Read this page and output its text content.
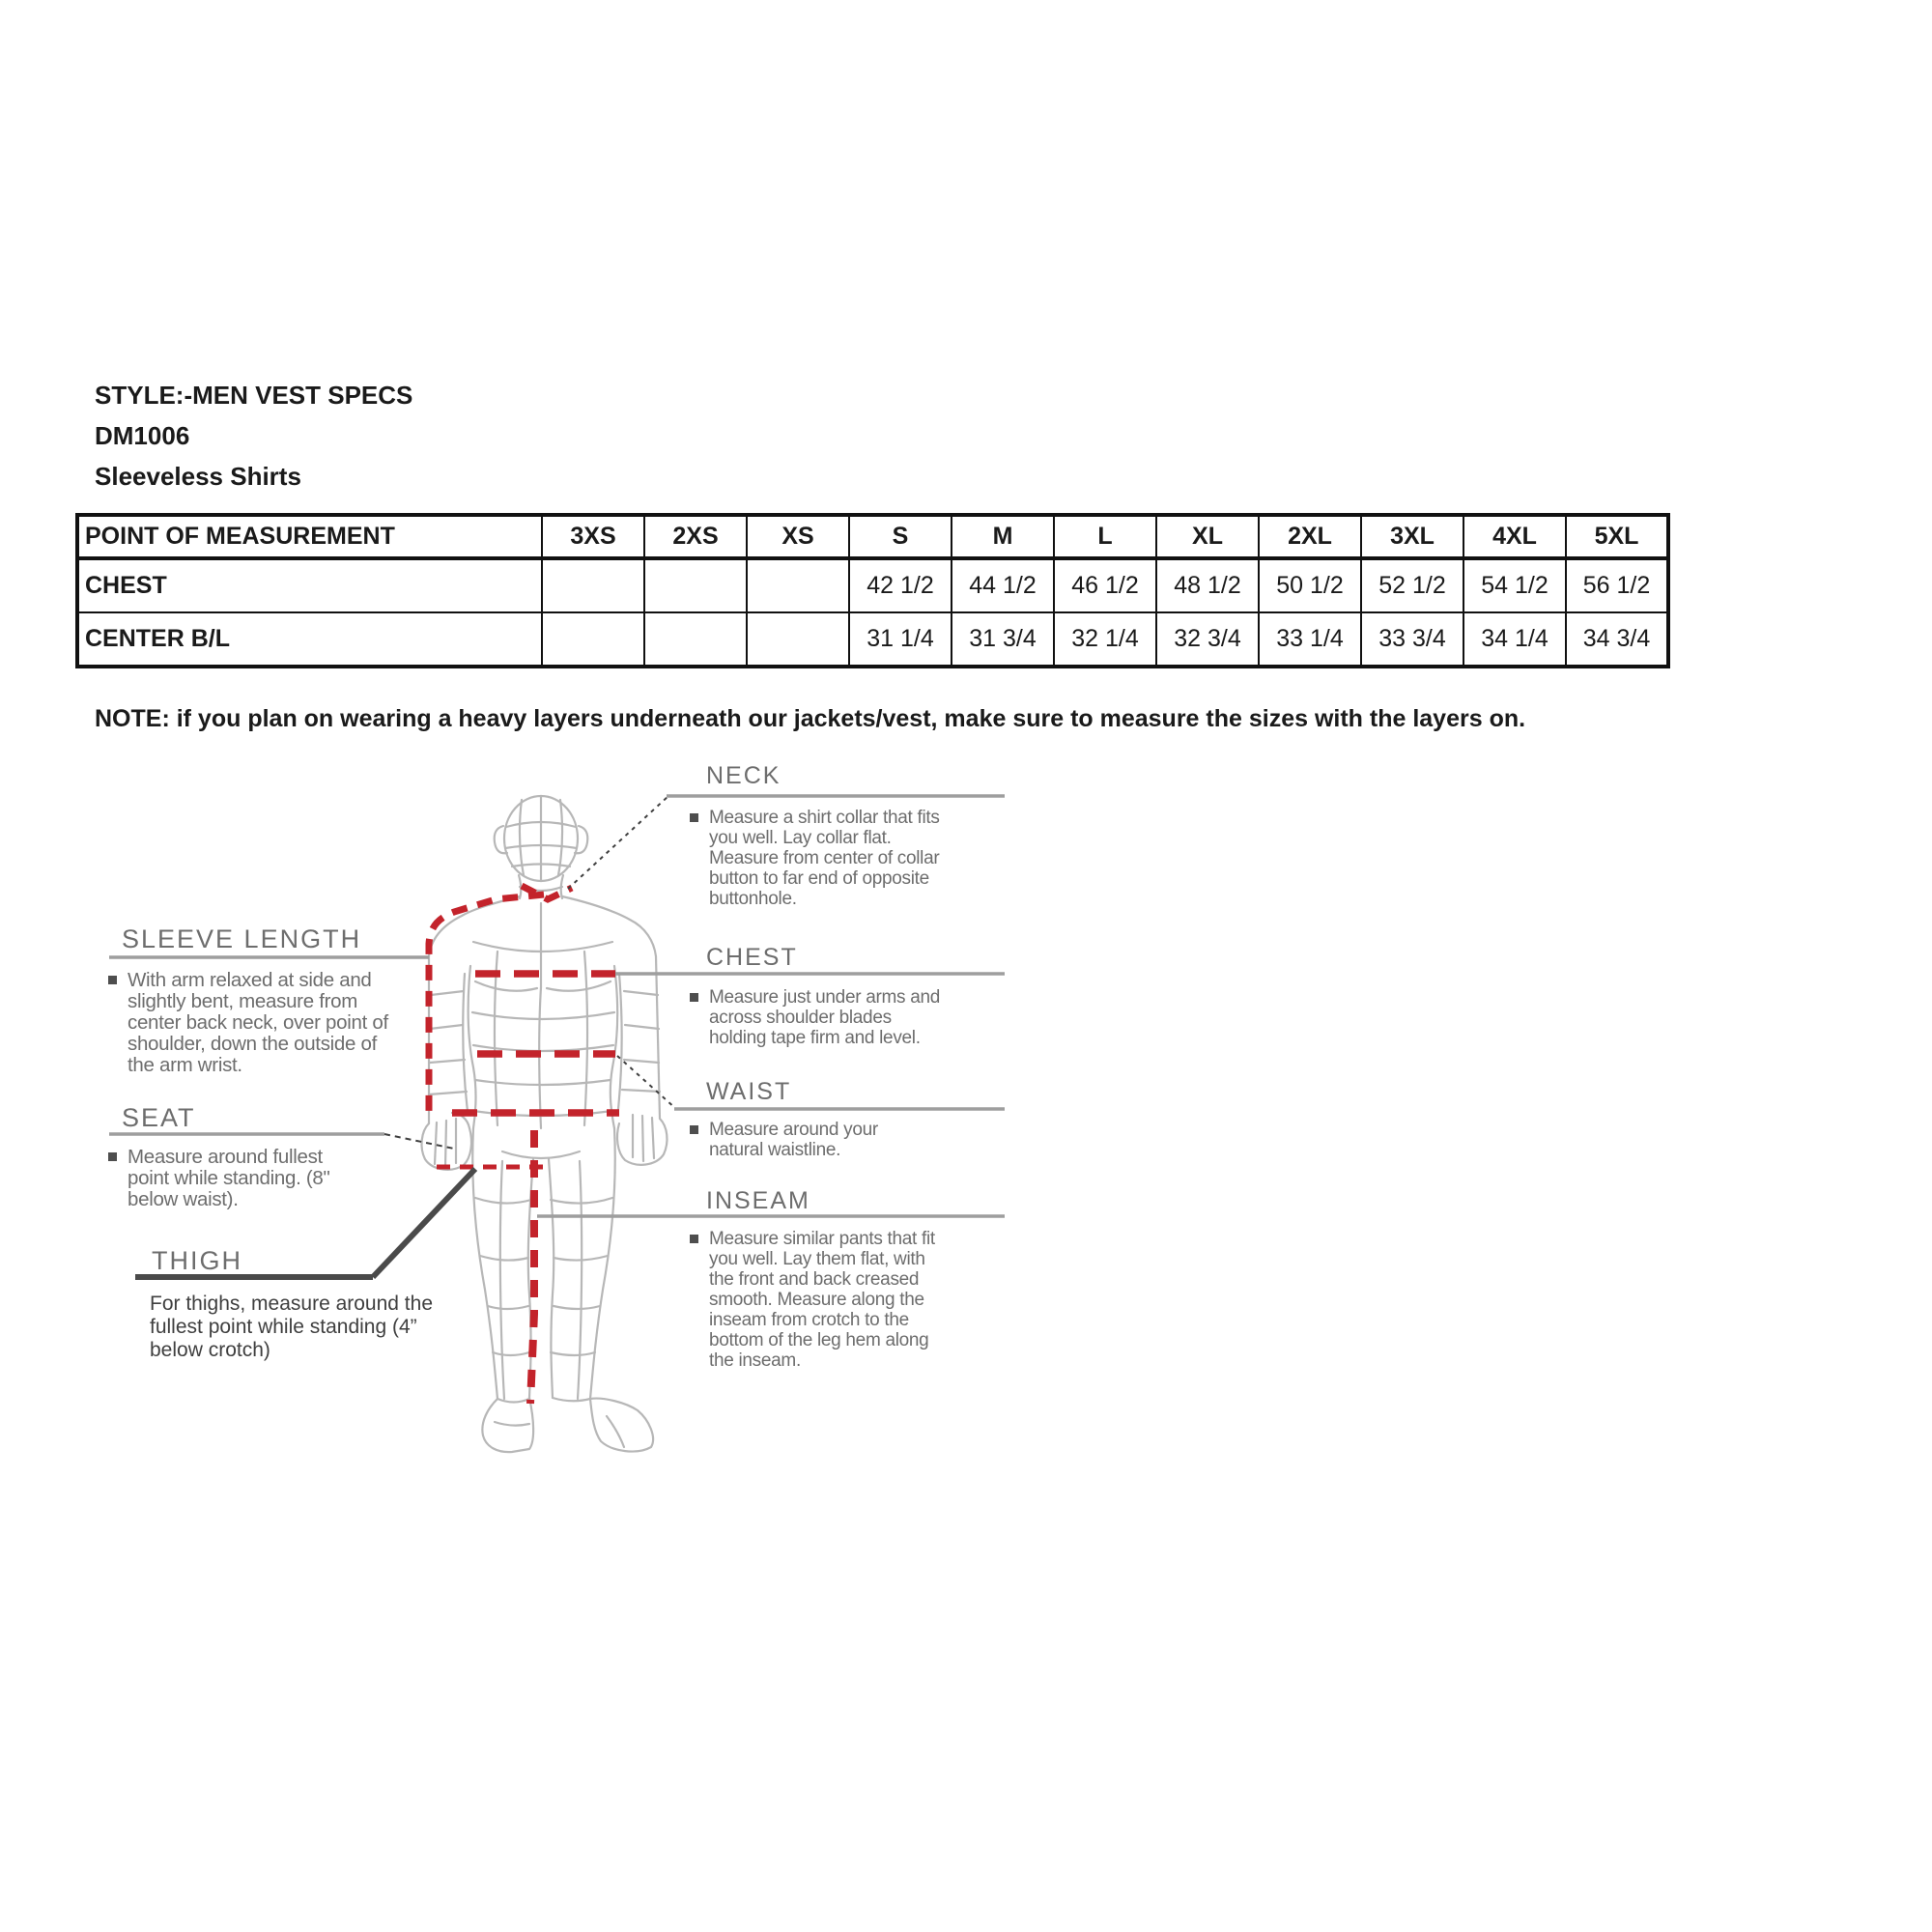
STYLE:-MEN VEST SPECS
DM1006
Sleeveless Shirts
POINT OF MEASUREMENT	3XS	2XS	XS	S	M	L	XL	2XL	3XL	4XL	5XL
CHEST				42 1/2	44 1/2	46 1/2	48 1/2	50 1/2	52 1/2	54 1/2	56 1/2
CENTER B/L				31 1/4	31 3/4	32 1/4	32 3/4	33 1/4	33 3/4	34 1/4	34 3/4
NOTE: if you plan on wearing a heavy layers underneath our jackets/vest, make sure to measure the sizes with the layers on.
NECK
Measure a shirt collar that fits you well. Lay collar flat. Measure from center of collar button to far end of opposite buttonhole.
CHEST
Measure just under arms and across shoulder blades holding tape firm and level.
WAIST
Measure around your natural waistline.
INSEAM
Measure similar pants that fit you well. Lay them flat, with the front and back creased smooth. Measure along the inseam from crotch to the bottom of the leg hem along the inseam.
SLEEVE LENGTH
With arm relaxed at side and slightly bent, measure from center back neck, over point of shoulder, down the outside of the arm wrist.
SEAT
Measure around fullest point while standing. (8" below waist).
THIGH
For thighs, measure around the fullest point while standing (4” below crotch)
